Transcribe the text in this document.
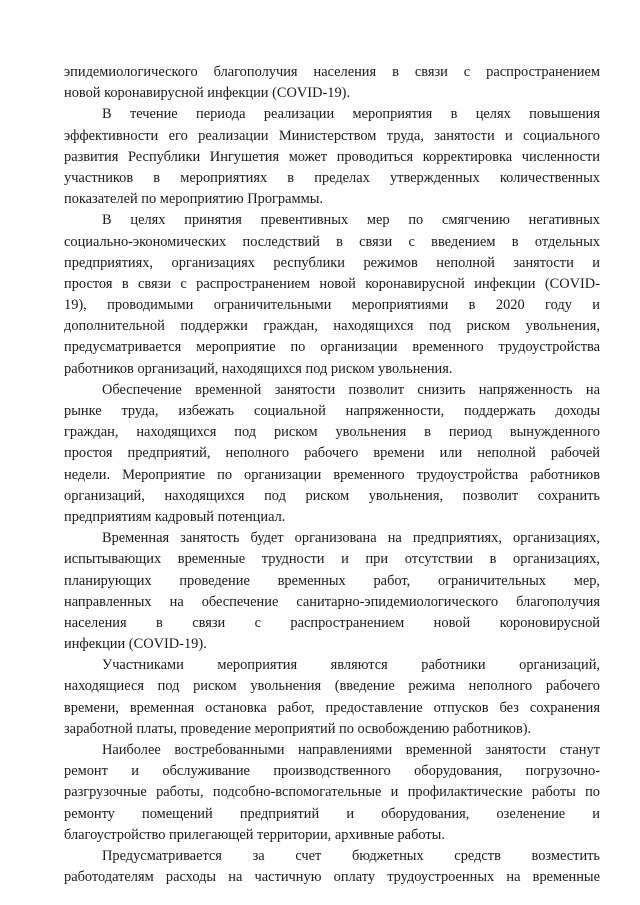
эпидемиологического благополучия населения в связи с распространением
новой коронавирусной инфекции (COVID-19).

В течение периода реализации мероприятия в целях повышения
эффективности его реализации Министерством труда, занятости и социального
развития Республики Ингушетия может проводиться корректировка численности
участников в мероприятиях в пределах утвержденных количественных
показателей по мероприятию Программы.

В целях принятия превентивных мер по смягчению негативных
социально-экономических последствий в связи с введением в отдельных
предприятиях, организациях республики режимов неполной занятости и
простоя в связи с распространением новой коронавирусной инфекции (COVID-
19), проводимыми ограничительными мероприятиями в 2020 году и
дополнительной поддержки граждан, находящихся под риском увольнения,
предусматривается мероприятие по организации временного трудоустройства
работников организаций, находящихся под риском увольнения.

Обеспечение временной занятости позволит снизить напряженность на
рынке труда, избежать социальной напряженности, поддержать доходы
граждан, находящихся под риском увольнения в период вынужденного
простоя предприятий, неполного рабочего времени или неполной рабочей
недели. Мероприятие по организации временного трудоустройства работников
организаций, находящихся под риском увольнения, позволит сохранить
предприятиям кадровый потенциал.

Временная занятость будет организована на предприятиях, организациях,
испытывающих временные трудности и при отсутствии в организациях,
планирующих проведение временных работ, ограничительных мер,
направленных на обеспечение санитарно-эпидемиологического благополучия
населения в связи с распространением новой короновирусной
инфекции (COVID-19).

Участниками мероприятия являются работники организаций,
находящиеся под риском увольнения (введение режима неполного рабочего
времени, временная остановка работ, предоставление отпусков без сохранения
заработной платы, проведение мероприятий по освобождению работников).

Наиболее востребованными направлениями временной занятости станут
ремонт и обслуживание производственного оборудования, погрузочно-
разгрузочные работы, подсобно-вспомогательные и профилактические работы по
ремонту помещений предприятий и оборудования, озеленение и
благоустройство прилегающей территории, архивные работы.

Предусматривается за счет бюджетных средств возместить
работодателям расходы на частичную оплату трудоустроенных на временные
